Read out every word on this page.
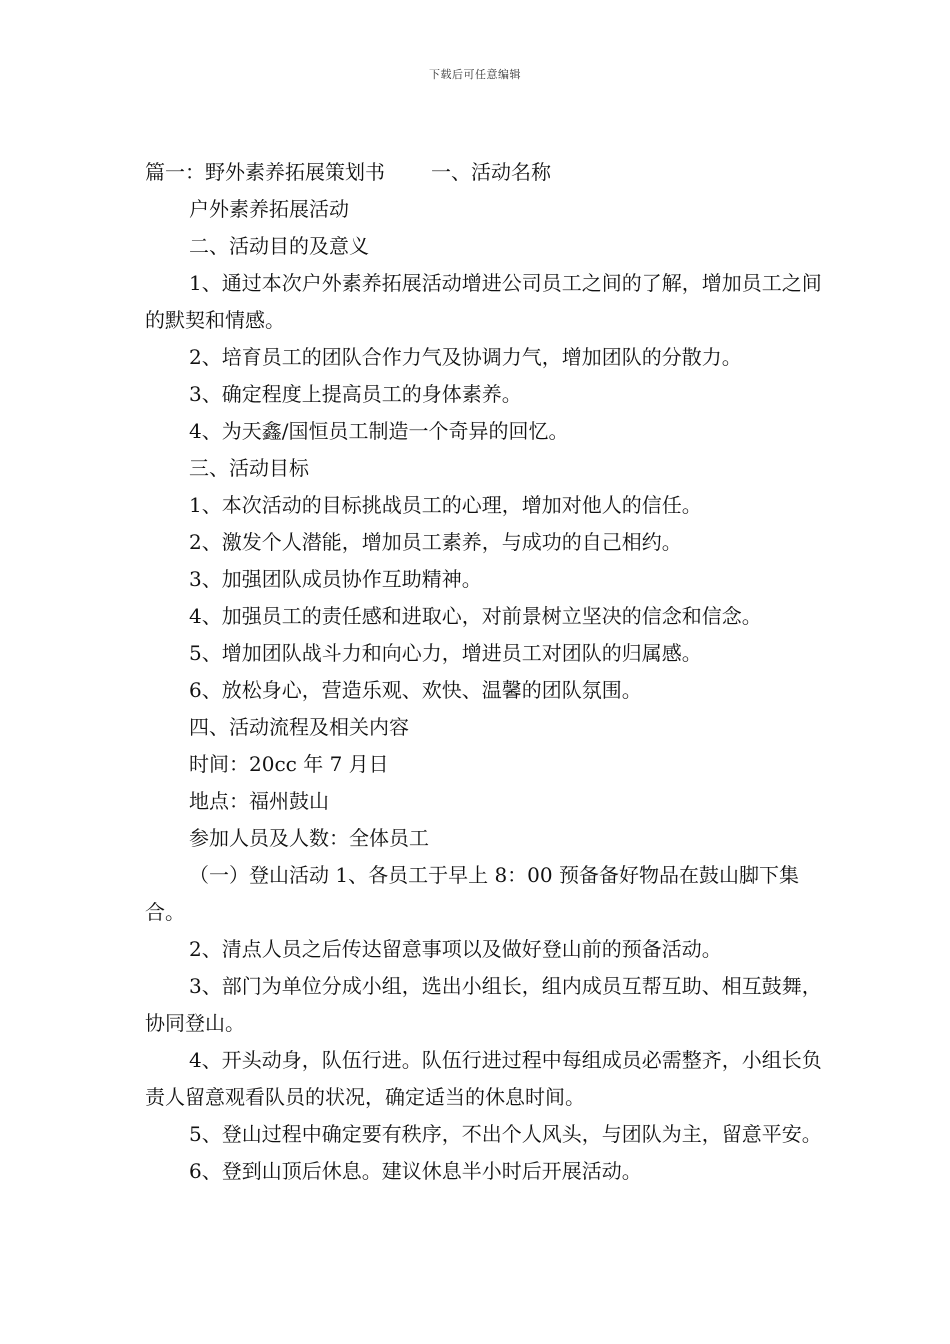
下载后可任意编辑
篇一：野外素养拓展策划书 一、活动名称
户外素养拓展活动
二、活动目的及意义
1、通过本次户外素养拓展活动增进公司员工之间的了解，增加员工之间的默契和情感。
2、培育员工的团队合作力气及协调力气，增加团队的分散力。
3、确定程度上提高员工的身体素养。
4、为天鑫/国恒员工制造一个奇异的回忆。
三、活动目标
1、本次活动的目标挑战员工的心理，增加对他人的信任。
2、激发个人潜能，增加员工素养，与成功的自己相约。
3、加强团队成员协作互助精神。
4、加强员工的责任感和进取心，对前景树立坚决的信念和信念。
5、增加团队战斗力和向心力，增进员工对团队的归属感。
6、放松身心，营造乐观、欢快、温馨的团队氛围。
四、活动流程及相关内容
时间：20cc 年 7 月日
地点：福州鼓山
参加人员及人数：全体员工
（一）登山活动 1、各员工于早上 8：00 预备备好物品在鼓山脚下集合。
2、清点人员之后传达留意事项以及做好登山前的预备活动。
3、部门为单位分成小组，选出小组长，组内成员互帮互助、相互鼓舞，协同登山。
4、开头动身，队伍行进。队伍行进过程中每组成员必需整齐，小组长负责人留意观看队员的状况，确定适当的休息时间。
5、登山过程中确定要有秩序，不出个人风头，与团队为主，留意平安。
6、登到山顶后休息。建议休息半小时后开展活动。
